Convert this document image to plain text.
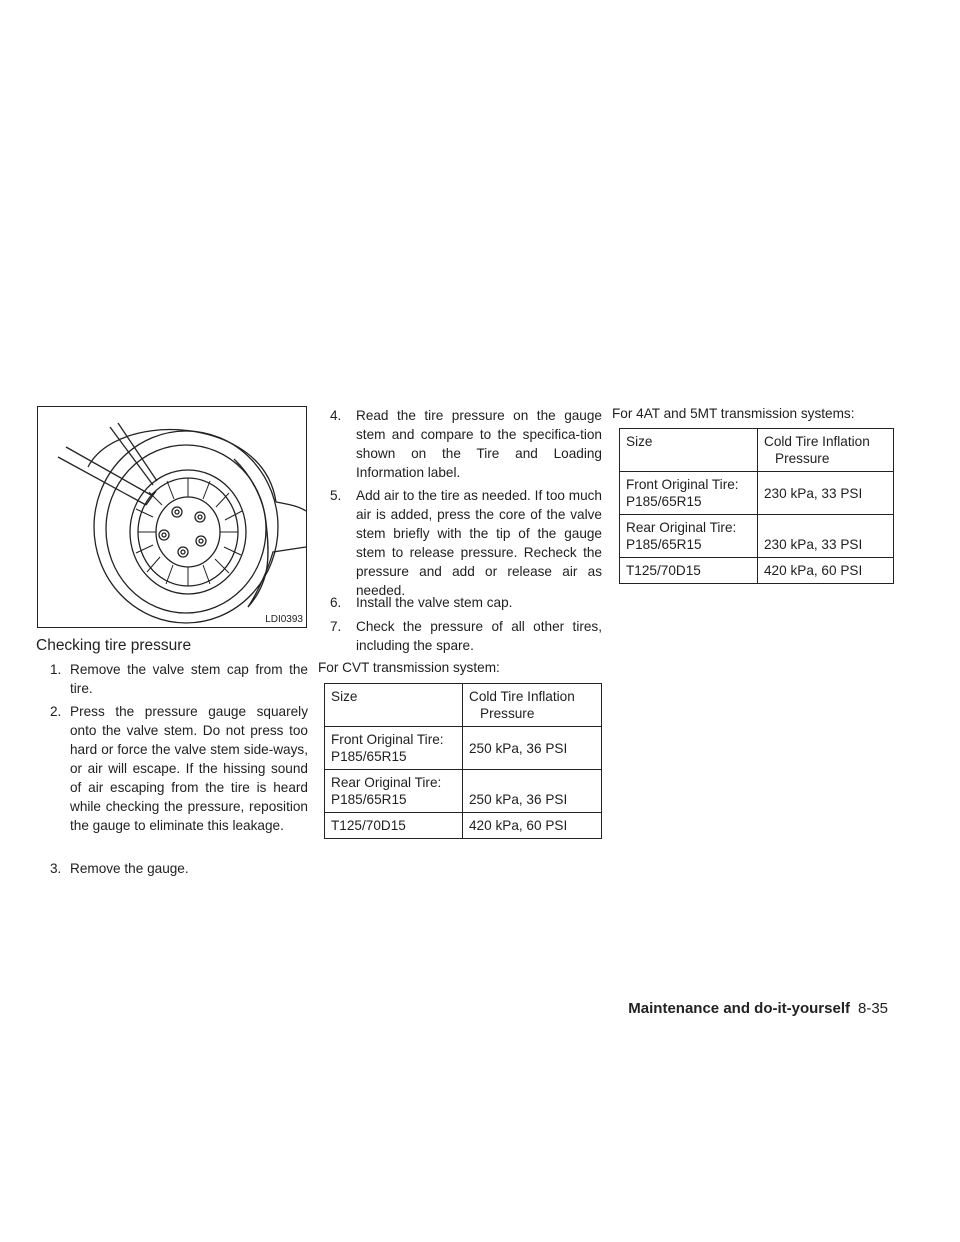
LDI0393
Checking tire pressure
1. Remove the valve stem cap from the tire.
2. Press the pressure gauge squarely onto the valve stem. Do not press too hard or force the valve stem side-ways, or air will escape. If the hissing sound of air escaping from the tire is heard while checking the pressure, reposition the gauge to eliminate this leakage.
3. Remove the gauge.
4.	Read the tire pressure on the gauge stem and compare to the specifica-tion shown on the Tire and Loading Information label.
5.	Add air to the tire as needed. If too much air is added, press the core of the valve stem briefly with the tip of the gauge stem to release pressure. Recheck the pressure and add or release air as needed.
6.	Install the valve stem cap.
7.	Check the pressure of all other tires, including the spare.
For CVT transmission system:
Size	Cold Tire Inflation
Pressure

Front Original Tire:
P185/65R15	250 kPa, 36 PSI

Rear Original Tire:
P185/65R15	250 kPa, 36 PSI
T125/70D15	420 kPa, 60 PSI
For 4AT and 5MT transmission systems:
Size	Cold Tire Inflation
Pressure

Front Original Tire:
P185/65R15	230 kPa, 33 PSI

Rear Original Tire:
P185/65R15	230 kPa, 33 PSI
T125/70D15	420 kPa, 60 PSI
Maintenance and do-it-yourself 8-35
